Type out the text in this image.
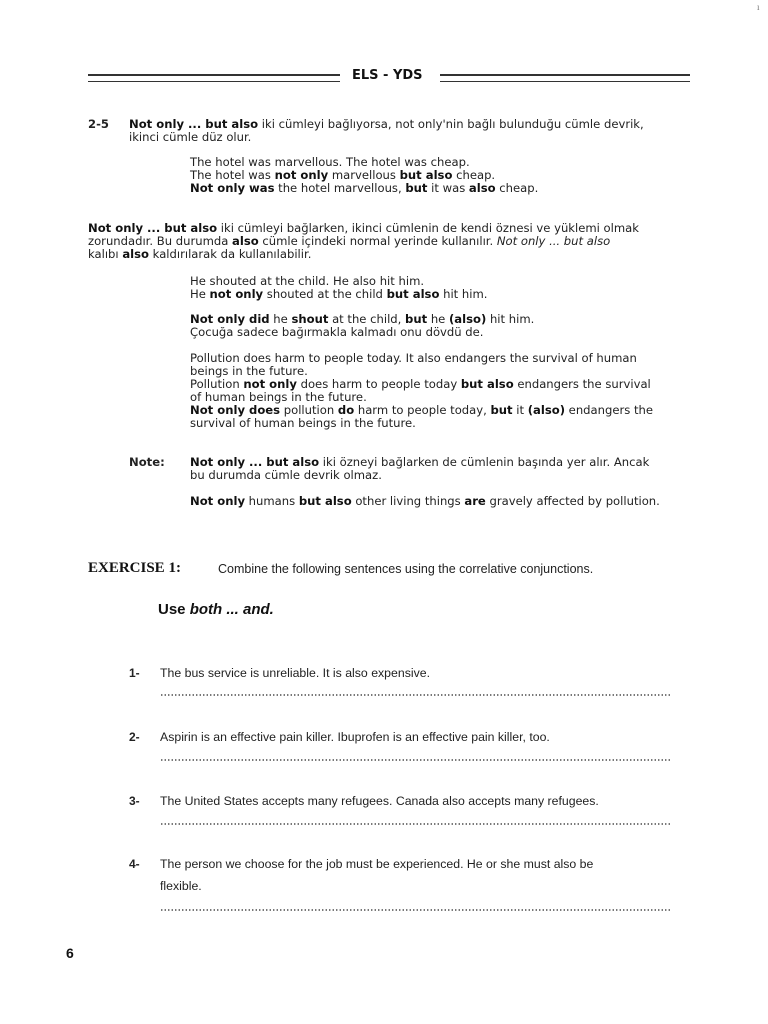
ı
ELS - YDS
2-5 Not only ... but also iki cümleyi bağlıyorsa, not only'nin bağlı bulunduğu cümle devrik,
ikinci cümle düz olur.
The hotel was marvellous. The hotel was cheap.
The hotel was not only marvellous but also cheap.
Not only was the hotel marvellous, but it was also cheap.
Not only ... but also iki cümleyi bağlarken, ikinci cümlenin de kendi öznesi ve yüklemi olmak
zorundadır. Bu durumda also cümle içindeki normal yerinde kullanılır. Not only ... but also
kalıbı also kaldırılarak da kullanılabilir.
He shouted at the child. He also hit him.
He not only shouted at the child but also hit him.
Not only did he shout at the child, but he (also) hit him.
Çocuğa sadece bağırmakla kalmadı onu dövdü de.
Pollution does harm to people today. It also endangers the survival of human
beings in the future.
Pollution not only does harm to people today but also endangers the survival
of human beings in the future.
Not only does pollution do harm to people today, but it (also) endangers the
survival of human beings in the future.
Note: Not only ... but also iki özneyi bağlarken de cümlenin başında yer alır. Ancak
bu durumda cümle devrik olmaz.
Not only humans but also other living things are gravely affected by pollution.
EXERCISE 1:	Combine the following sentences using the correlative conjunctions.
Use both ... and.
1- The bus service is unreliable. It is also expensive.
2- Aspirin is an effective pain killer. Ibuprofen is an effective pain killer, too.
3- The United States accepts many refugees. Canada also accepts many refugees.
4- The person we choose for the job must be experienced. He or she must also be
flexible.
6
